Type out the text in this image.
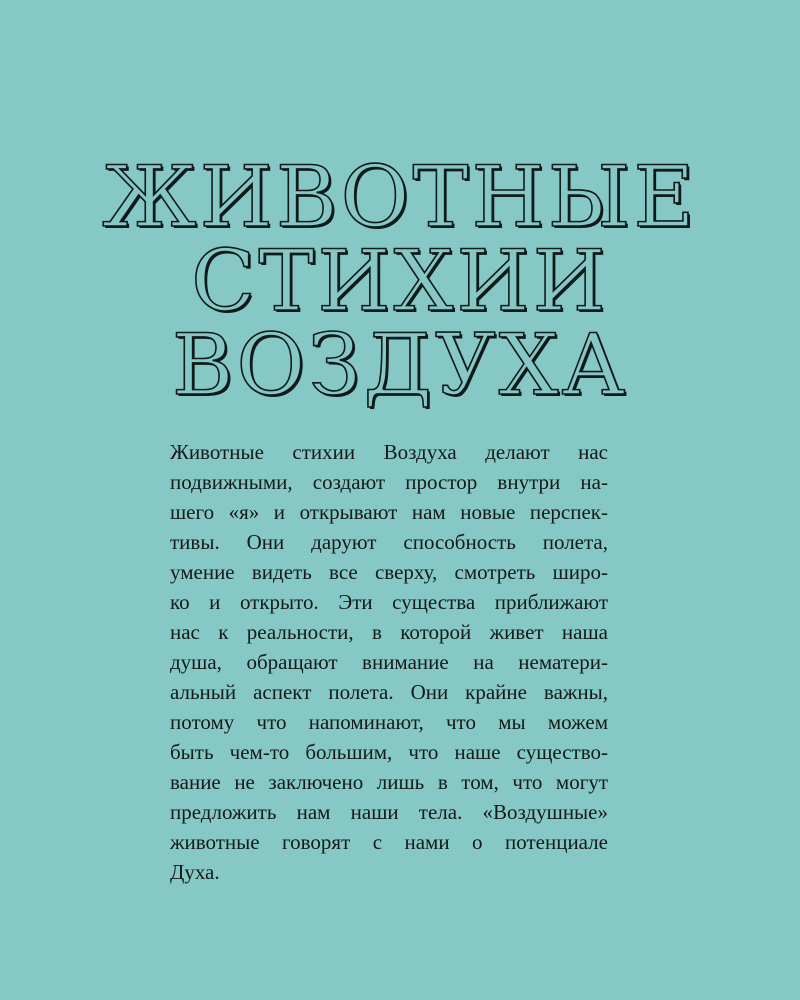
ЖИВОТНЫЕ
СТИХИИ
ВОЗДУХА
Животные стихии Воздуха делают нас
подвижными, создают простор внутри на-
шего «я» и открывают нам новые перспек-
тивы. Они даруют способность полета,
умение видеть все сверху, смотреть широ-
ко и открыто. Эти существа приближают
нас к реальности, в которой живет наша
душа, обращают внимание на нематери-
альный аспект полета. Они крайне важны,
потому что напоминают, что мы можем
быть чем-то большим, что наше существо-
вание не заключено лишь в том, что могут
предложить нам наши тела. «Воздушные»
животные говорят с нами о потенциале
Духа.
